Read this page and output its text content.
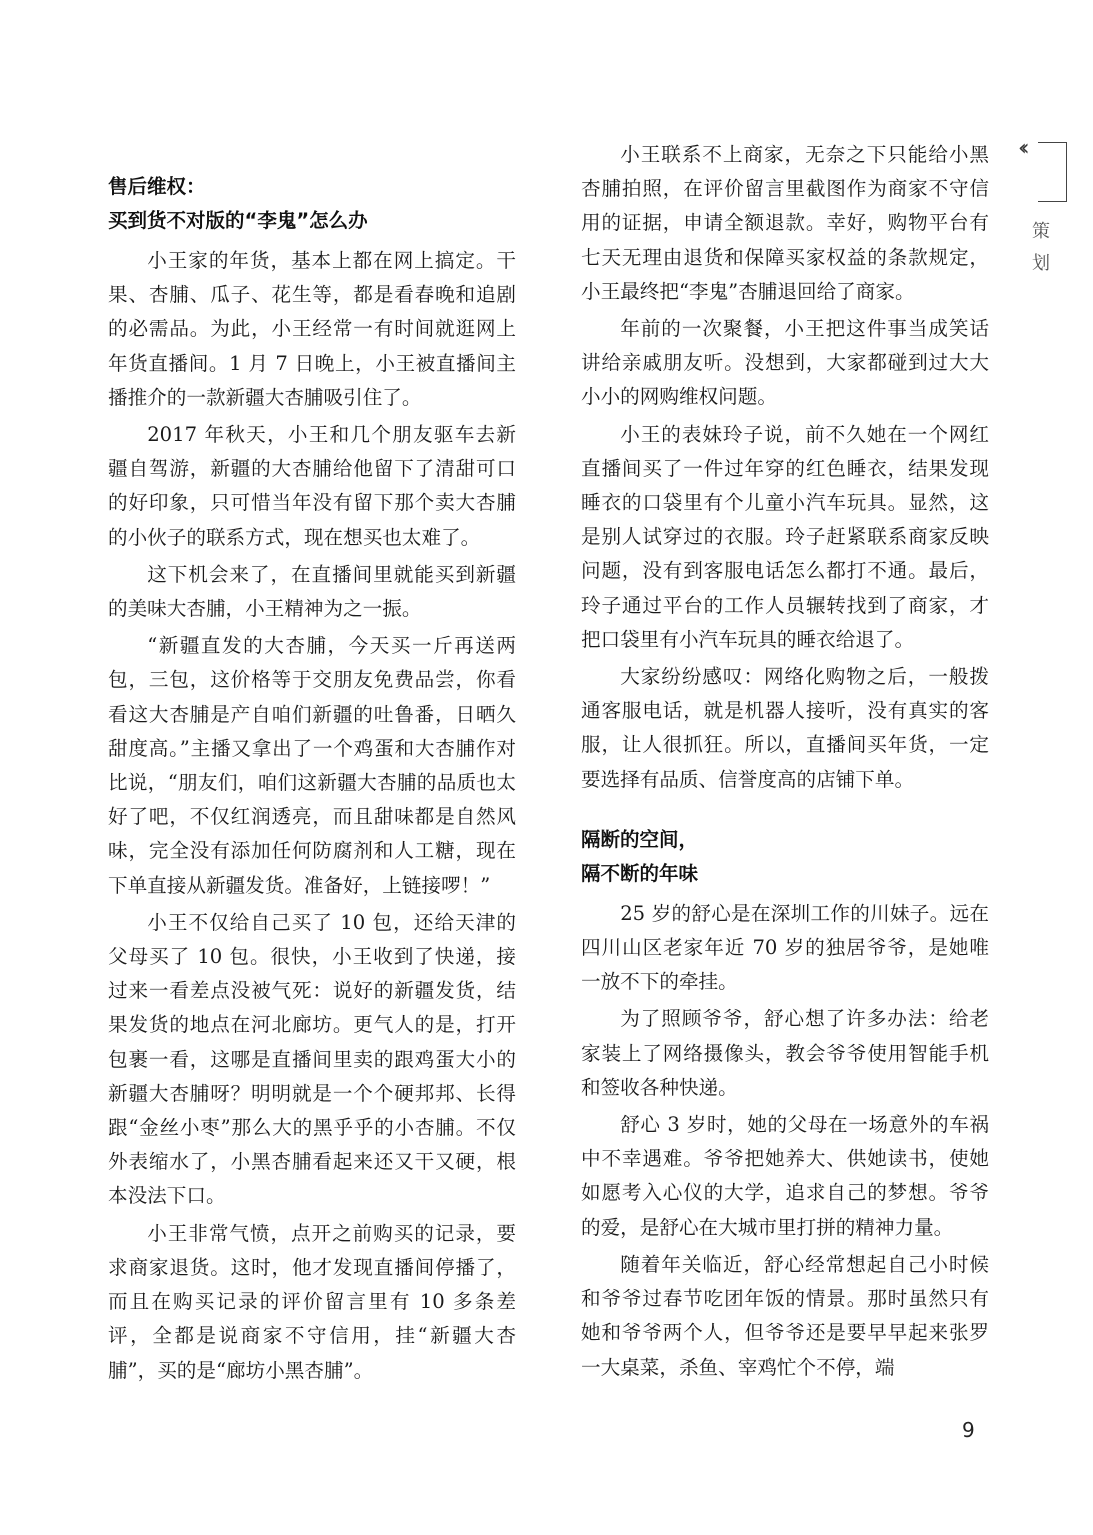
‹‹
策
划
售后维权：
买到货不对版的“李鬼”怎么办

小王家的年货，基本上都在网上搞定。干果、杏脯、瓜子、花生等，都是看春晚和追剧的必需品。为此，小王经常一有时间就逛网上年货直播间。1 月 7 日晚上，小王被直播间主播推介的一款新疆大杏脯吸引住了。

2017 年秋天，小王和几个朋友驱车去新疆自驾游，新疆的大杏脯给他留下了清甜可口的好印象，只可惜当年没有留下那个卖大杏脯的小伙子的联系方式，现在想买也太难了。

这下机会来了，在直播间里就能买到新疆的美味大杏脯，小王精神为之一振。

“新疆直发的大杏脯，今天买一斤再送两包，三包，这价格等于交朋友免费品尝，你看看这大杏脯是产自咱们新疆的吐鲁番，日晒久甜度高。”主播又拿出了一个鸡蛋和大杏脯作对比说，“朋友们，咱们这新疆大杏脯的品质也太好了吧，不仅红润透亮，而且甜味都是自然风味，完全没有添加任何防腐剂和人工糖，现在下单直接从新疆发货。准备好，上链接啰！”

小王不仅给自己买了 10 包，还给天津的父母买了 10 包。很快，小王收到了快递，接过来一看差点没被气死：说好的新疆发货，结果发货的地点在河北廊坊。更气人的是，打开包裹一看，这哪是直播间里卖的跟鸡蛋大小的新疆大杏脯呀？明明就是一个个硬邦邦、长得跟“金丝小枣”那么大的黑乎乎的小杏脯。不仅外表缩水了，小黑杏脯看起来还又干又硬，根本没法下口。

小王非常气愤，点开之前购买的记录，要求商家退货。这时，他才发现直播间停播了，而且在购买记录的评价留言里有 10 多条差评，全都是说商家不守信用，挂“新疆大杏脯”，买的是“廊坊小黑杏脯”。

小王联系不上商家，无奈之下只能给小黑杏脯拍照，在评价留言里截图作为商家不守信用的证据，申请全额退款。幸好，购物平台有七天无理由退货和保障买家权益的条款规定，小王最终把“李鬼”杏脯退回给了商家。

年前的一次聚餐，小王把这件事当成笑话讲给亲戚朋友听。没想到，大家都碰到过大大小小的网购维权问题。

小王的表妹玲子说，前不久她在一个网红直播间买了一件过年穿的红色睡衣，结果发现睡衣的口袋里有个儿童小汽车玩具。显然，这是别人试穿过的衣服。玲子赶紧联系商家反映问题，没有到客服电话怎么都打不通。最后，玲子通过平台的工作人员辗转找到了商家，才把口袋里有小汽车玩具的睡衣给退了。

大家纷纷感叹：网络化购物之后，一般拨通客服电话，就是机器人接听，没有真实的客服，让人很抓狂。所以，直播间买年货，一定要选择有品质、信誉度高的店铺下单。

隔断的空间，
隔不断的年味

25 岁的舒心是在深圳工作的川妹子。远在四川山区老家年近 70 岁的独居爷爷，是她唯一放不下的牵挂。

为了照顾爷爷，舒心想了许多办法：给老家装上了网络摄像头，教会爷爷使用智能手机和签收各种快递。

舒心 3 岁时，她的父母在一场意外的车祸中不幸遇难。爷爷把她养大、供她读书，使她如愿考入心仪的大学，追求自己的梦想。爷爷的爱，是舒心在大城市里打拼的精神力量。

随着年关临近，舒心经常想起自己小时候和爷爷过春节吃团年饭的情景。那时虽然只有她和爷爷两个人，但爷爷还是要早早起来张罗一大桌菜，杀鱼、宰鸡忙个不停，端

9
